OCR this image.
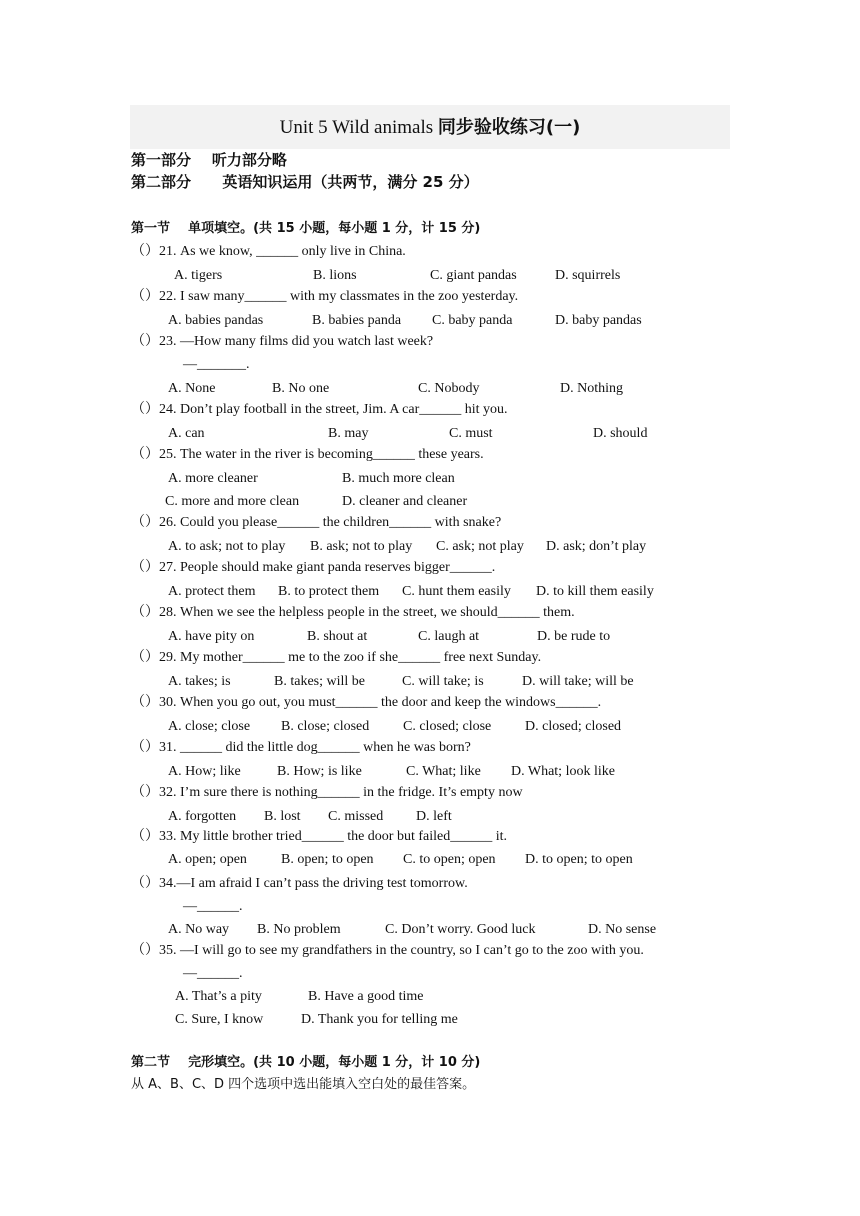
Unit 5 Wild animals 同步验收练习(一)
第一部分    听力部分略
第二部分      英语知识运用（共两节，满分 25 分）
第一节    单项填空。(共 15 小题，每小题 1 分，计 15 分)
（）21. As we know, ______ only live in China.
A. tigers	B. lions	C. giant pandas	D. squirrels
（）22. I saw many______ with my classmates in the zoo yesterday.
A. babies pandas	B. babies panda C. baby panda	D. baby pandas
（）23. —How many films did you watch last week?
—_______.
A. None	B. No one	C. Nobody	D. Nothing
（）24. Don’t play football in the street, Jim. A car______ hit you.
A. can	B. may	C. must	D. should
（）25. The water in the river is becoming______ these years.
A. more cleaner	B. much more clean
C. more and more clean	D. cleaner and cleaner
（）26. Could you please______ the children______ with snake?
A. to ask; not to play B. ask; not to play C. ask; not play D. ask; don’t play
（）27. People should make giant panda reserves bigger______.
A. protect them B. to protect them C. hunt them easily D. to kill them easily
（）28. When we see the helpless people in the street, we should______ them.
A. have pity on	B. shout at	C. laugh at	D. be rude to
（）29. My mother______ me to the zoo if she______ free next Sunday.
A. takes; is	B. takes; will be	C. will take; is	D. will take; will be
（）30. When you go out, you must______ the door and keep the windows______.
A. close; close B. close; closed C. closed; close D. closed; closed
（）31. ______ did the little dog______ when he was born?
A. How; like	B. How; is like	C. What; like D. What; look like
（）32. I’m sure there is nothing______ in the fridge. It’s empty now
A. forgotten B. lost C. missed D. left
（）33. My little brother tried______ the door but failed______ it.
A. open; open B. open; to open C. to open; open D. to open; to open
（）34.—I am afraid I can’t pass the driving test tomorrow.
—______.
A. No way B. No problem	C. Don’t worry. Good luck	D. No sense
（）35. —I will go to see my grandfathers in the country, so I can’t go to the zoo with you.
—______.
A. That’s a pity	B. Have a good time
C. Sure, I know	D. Thank you for telling me
第二节    完形填空。(共 10 小题，每小题 1 分，计 10 分)
从 A、B、C、D 四个选项中选出能填入空白处的最佳答案。
